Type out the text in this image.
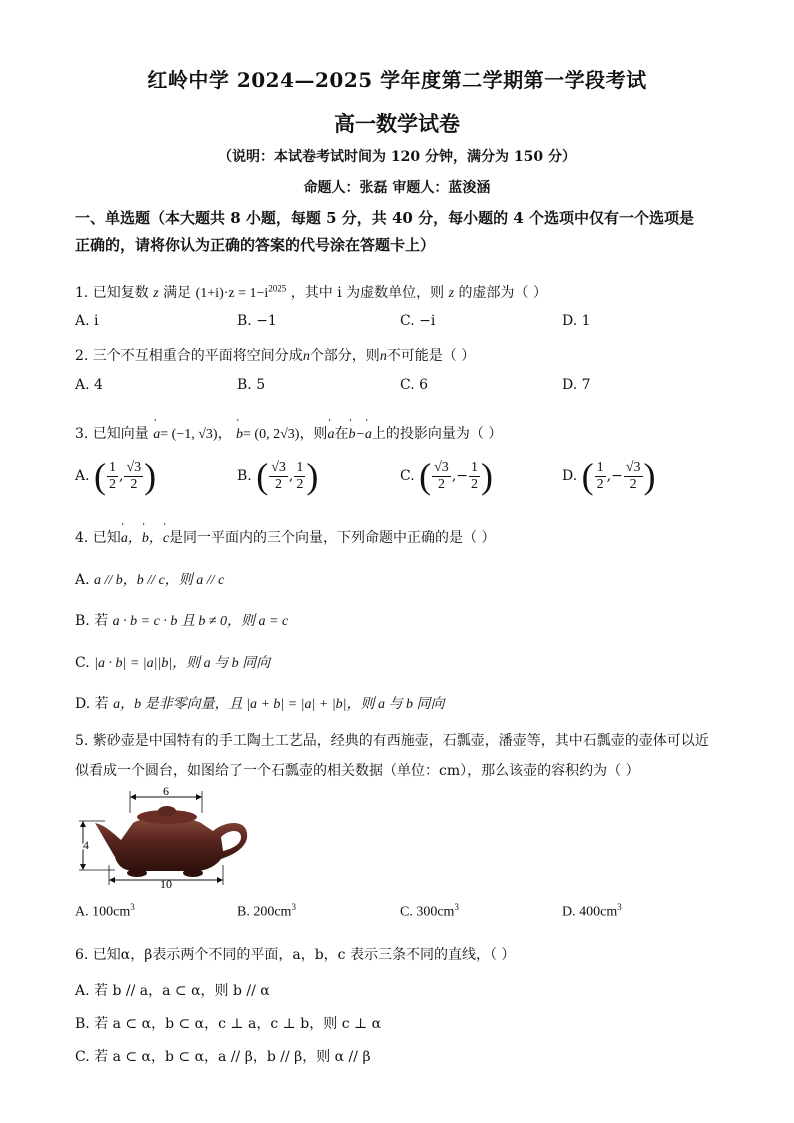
红岭中学 2024—2025 学年度第二学期第一学段考试
高一数学试卷
（说明：本试卷考试时间为 120 分钟，满分为 150 分）
命题人：张磊 审题人：蓝浚涵
一、单选题（本大题共 8 小题，每题 5 分，共 40 分，每小题的 4 个选项中仅有一个选项是
正确的，请将你认为正确的答案的代号涂在答题卡上）
1. 已知复数 z 满足 $(1+i)\cdot z = 1-i^{2025}$ ，其中 i 为虚数单位，则 z 的虚部为（ ）
A. i	B. −1	C. −i	D. 1
2. 三个不互相重合的平面将空间分成n个部分，则n不可能是（ ）
A. 4	B. 5	C. 6	D. 7
3. 已知向量 ' a= (−1, √3)， ' b= (0, 2√3)，则' a在' b−' a上的投影向量为（ ）
A. ( $\frac{1}{2}$ , $\frac{√3}{2}$ )	B. ( $\frac{√3}{2}$ , $\frac{1}{2}$ )	C. ( $\frac{√3}{2}$ ,− $\frac{1}{2}$ )	D. ( $\frac{1}{2}$ ,− $\frac{√3}{2}$ )
4. 已知' a，' b，' c是同一平面内的三个向量，下列命题中正确的是（ ）
A. a // b，b // c，则 a // c
B. 若 a · b = c · b 且 b ≠ 0，则 a = c
C. |a · b| = |a||b|，则 a 与 b 同向
D. 若 a，b 是非零向量，且 |a + b| = |a| + |b|，则 a 与 b 同向
5. 紫砂壶是中国特有的手工陶土工艺品，经典的有西施壶，石瓢壶，潘壶等，其中石瓢壶的壶体可以近
似看成一个圆台，如图给了一个石瓢壶的相关数据（单位：cm），那么该壶的容积约为（ ）
6
4
10
A. $100cm^3$	B. $200cm^3$	C. $300cm^3$	D. $400cm^3$
6. 已知α，β表示两个不同的平面，a，b，c 表示三条不同的直线，（ ）
A. 若 b // a，a ⊂ α，则 b // α
B. 若 a ⊂ α，b ⊂ α，c ⊥ a，c ⊥ b，则 c ⊥ α
C. 若 a ⊂ α，b ⊂ α，a // β，b // β，则 α // β
